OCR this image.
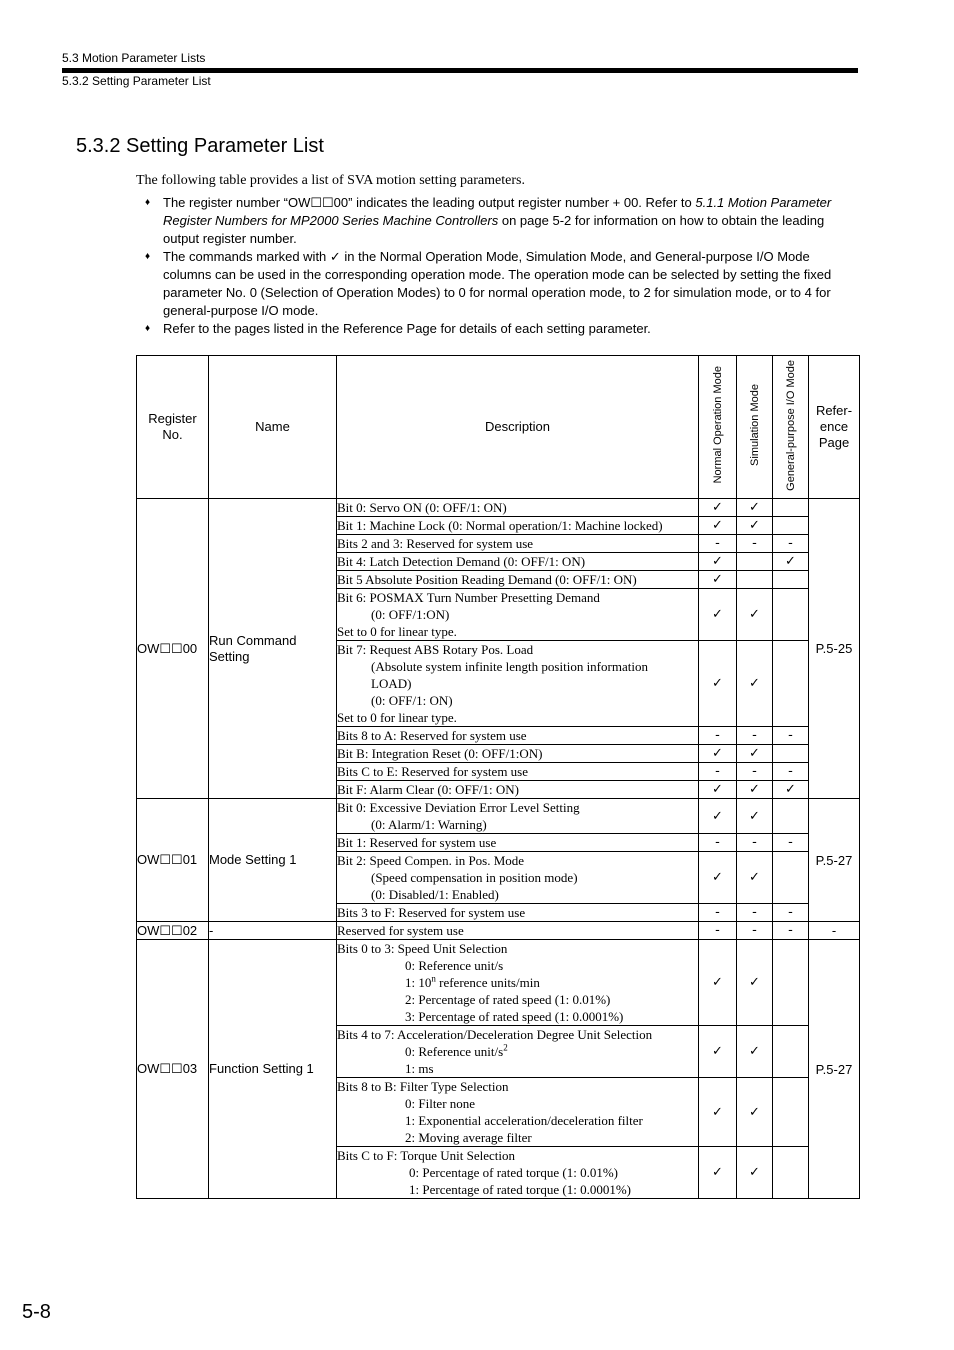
5.3 Motion Parameter Lists
5.3.2 Setting Parameter List
5.3.2 Setting Parameter List
The following table provides a list of SVA motion setting parameters.
♦ The register number “OW☐☐00” indicates the leading output register number + 00. Refer to 5.1.1 Motion Parameter Register Numbers for MP2000 Series Machine Controllers on page 5-2 for information on how to obtain the leading output register number.
♦ The commands marked with ✓ in the Normal Operation Mode, Simulation Mode, and General-purpose I/O Mode columns can be used in the corresponding operation mode. The operation mode can be selected by setting the fixed parameter No. 0 (Selection of Operation Modes) to 0 for normal operation mode, to 2 for simulation mode, or to 4 for general-purpose I/O mode.
♦ Refer to the pages listed in the Reference Page for details of each setting parameter.
Register No.	Name	Description	Normal Operation Mode	Simulation Mode	General-purpose I/O Mode	Refer- ence Page
OW☐☐00	Run Command Setting	Bit 0: Servo ON (0: OFF/1: ON)	✓	✓		P.5-25

		Bit 1: Machine Lock (0: Normal operation/1: Machine locked)	✓	✓		

		Bits 2 and 3: Reserved for system use	-	-	-	

		Bit 4: Latch Detection Demand (0: OFF/1: ON)	✓		✓	

		Bit 5 Absolute Position Reading Demand (0: OFF/1: ON)	✓			

		Bit 6: POSMAX Turn Number Presetting Demand
(0: OFF/1:ON)
Set to 0 for linear type.	✓	✓		

		Bit 7: Request ABS Rotary Pos. Load
(Absolute system infinite length position information
LOAD)
(0: OFF/1: ON)
Set to 0 for linear type.	✓	✓		

		Bits 8 to A: Reserved for system use	-	-	-	

		Bit B: Integration Reset (0: OFF/1:ON)	✓	✓		

		Bits C to E: Reserved for system use	-	-	-	

		Bit F: Alarm Clear (0: OFF/1: ON)	✓	✓	✓	
OW☐☐01	Mode Setting 1	Bit 0: Excessive Deviation Error Level Setting
(0: Alarm/1: Warning)	✓	✓		P.5-27

		Bit 1: Reserved for system use	-	-	-	

		Bit 2: Speed Compen. in Pos. Mode
(Speed compensation in position mode)
(0: Disabled/1: Enabled)	✓	✓		

		Bits 3 to F: Reserved for system use	-	-	-	
OW☐☐02	-	Reserved for system use	-	-	-	-
OW☐☐03	Function Setting 1	Bits 0 to 3: Speed Unit Selection
0: Reference unit/s
1: 10$^n$ reference units/min
2: Percentage of rated speed (1: 0.01%)
3: Percentage of rated speed (1: 0.0001%)	✓	✓		P.5-27

		Bits 4 to 7: Acceleration/Deceleration Degree Unit Selection
0: Reference unit/$s^2$
1: ms	✓	✓		

		Bits 8 to B: Filter Type Selection
0: Filter none
1: Exponential acceleration/deceleration filter
2: Moving average filter	✓	✓		

		Bits C to F: Torque Unit Selection
0: Percentage of rated torque (1: 0.01%)
1: Percentage of rated torque (1: 0.0001%)	✓	✓		
5-8
